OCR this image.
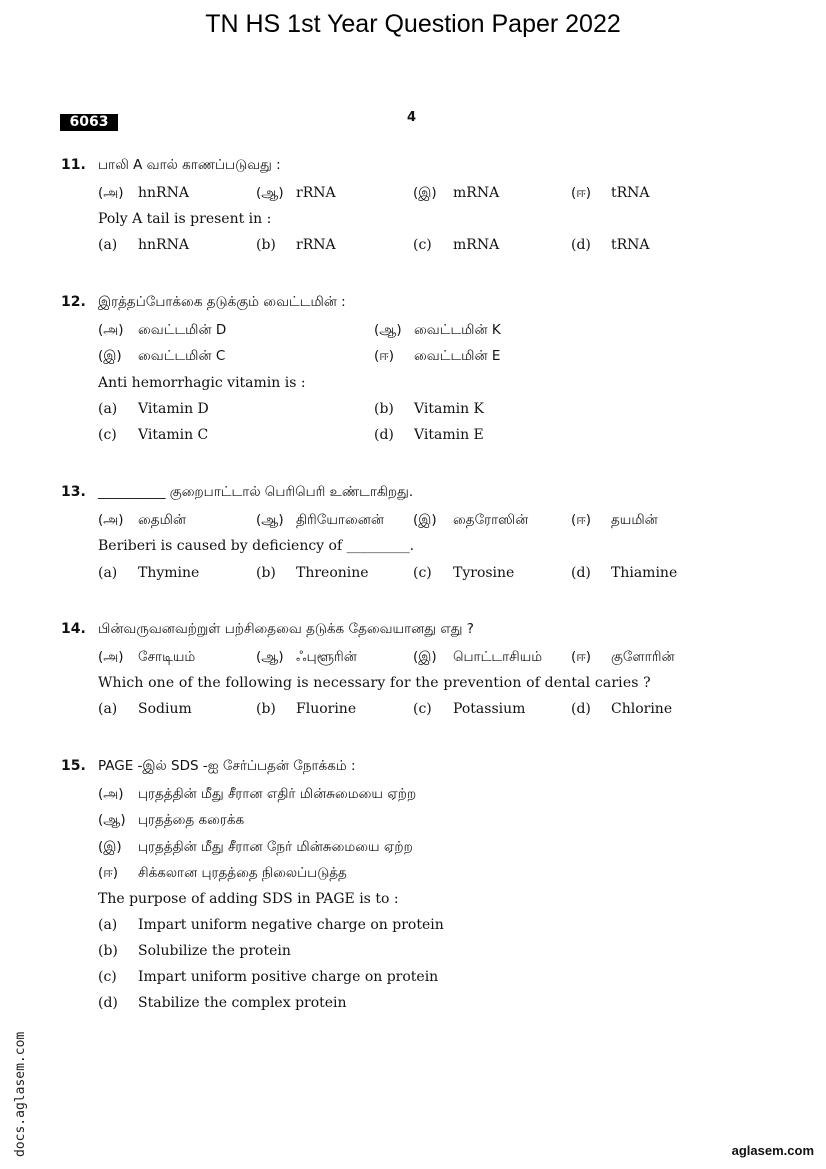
TN HS 1st Year Question Paper 2022
6063	4
11. பாலி A வால் காணப்படுவது :
(அ) hnRNA	(ஆ) rRNA	(இ) mRNA	(ஈ) tRNA
Poly A tail is present in :
(a) hnRNA	(b) rRNA	(c) mRNA	(d) tRNA
12. இரத்தப்போக்கை தடுக்கும் வைட்டமின் :
(அ) வைட்டமின் D	(ஆ) வைட்டமின் K
(இ) வைட்டமின் C	(ஈ) வைட்டமின் E
Anti hemorrhagic vitamin is :
(a) Vitamin D	(b) Vitamin K
(c) Vitamin C	(d) Vitamin E
13. __________ குறைபாட்டால் பெரிபெரி உண்டாகிறது.
(அ) தைமின்	(ஆ) திரியோனைன் (இ) தைரோஸின்	(ஈ) தயமின்
Beriberi is caused by deficiency of _________.
(a) Thymine	(b) Threonine	(c) Tyrosine	(d) Thiamine
14. பின்வருவனவற்றுள் பற்சிதைவை தடுக்க தேவையானது எது ?
(அ) சோடியம்	(ஆ) ஃபுளூரின்	(இ) பொட்டாசியம் (ஈ) குளோரின்
Which one of the following is necessary for the prevention of dental caries ?
(a) Sodium	(b) Fluorine	(c) Potassium	(d) Chlorine
15. PAGE -இல் SDS -ஐ சேர்ப்பதன் நோக்கம் :
(அ) புரதத்தின் மீது சீரான எதிர் மின்சுமையை ஏற்ற
(ஆ) புரதத்தை கரைக்க
(இ) புரதத்தின் மீது சீரான நேர் மின்சுமையை ஏற்ற
(ஈ) சிக்கலான புரதத்தை நிலைப்படுத்த
The purpose of adding SDS in PAGE is to :
(a) Impart uniform negative charge on protein
(b) Solubilize the protein
(c) Impart uniform positive charge on protein
(d) Stabilize the complex protein
docs.aglasem.com	aglasem.com
